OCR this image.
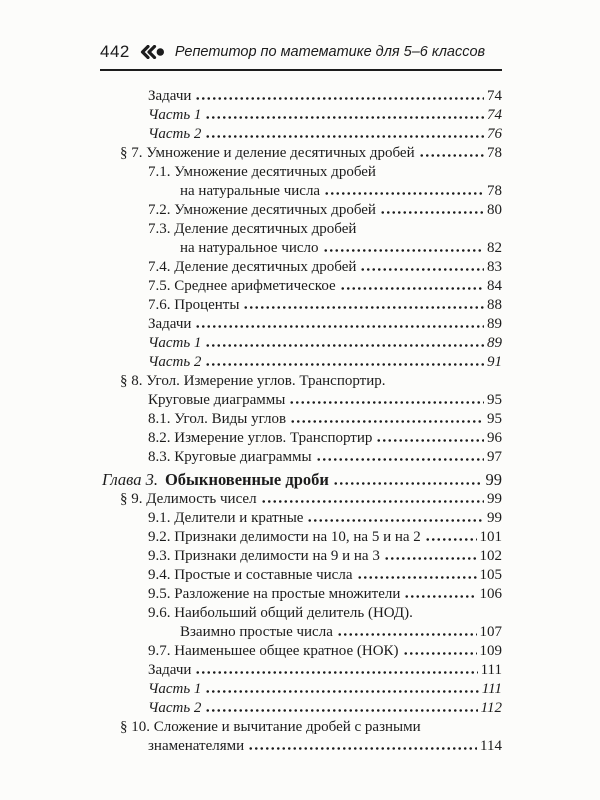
442	Репетитор по математике для 5–6 классов
Задачи	74
Часть 1	74
Часть 2	76
§ 7. Умножение и деление десятичных дробей	78
7.1. Умножение десятичных дробей
на натуральные числа	78
7.2. Умножение десятичных дробей	80
7.3. Деление десятичных дробей
на натуральное число	82
7.4. Деление десятичных дробей	83
7.5. Среднее арифметическое	84
7.6. Проценты	88
Задачи	89
Часть 1	89
Часть 2	91
§ 8. Угол. Измерение углов. Транспортир.
Круговые диаграммы	95
8.1. Угол. Виды углов	95
8.2. Измерение углов. Транспортир	96
8.3. Круговые диаграммы	97
Глава 3. Обыкновенные дроби	99
§ 9. Делимость чисел	99
9.1. Делители и кратные	99
9.2. Признаки делимости на 10, на 5 и на 2	101
9.3. Признаки делимости на 9 и на 3	102
9.4. Простые и составные числа	105
9.5. Разложение на простые множители	106
9.6. Наибольший общий делитель (НОД).
Взаимно простые числа	107
9.7. Наименьшее общее кратное (НОК)	109
Задачи	111
Часть 1	111
Часть 2	112
§ 10. Сложение и вычитание дробей с разными
знаменателями	114
